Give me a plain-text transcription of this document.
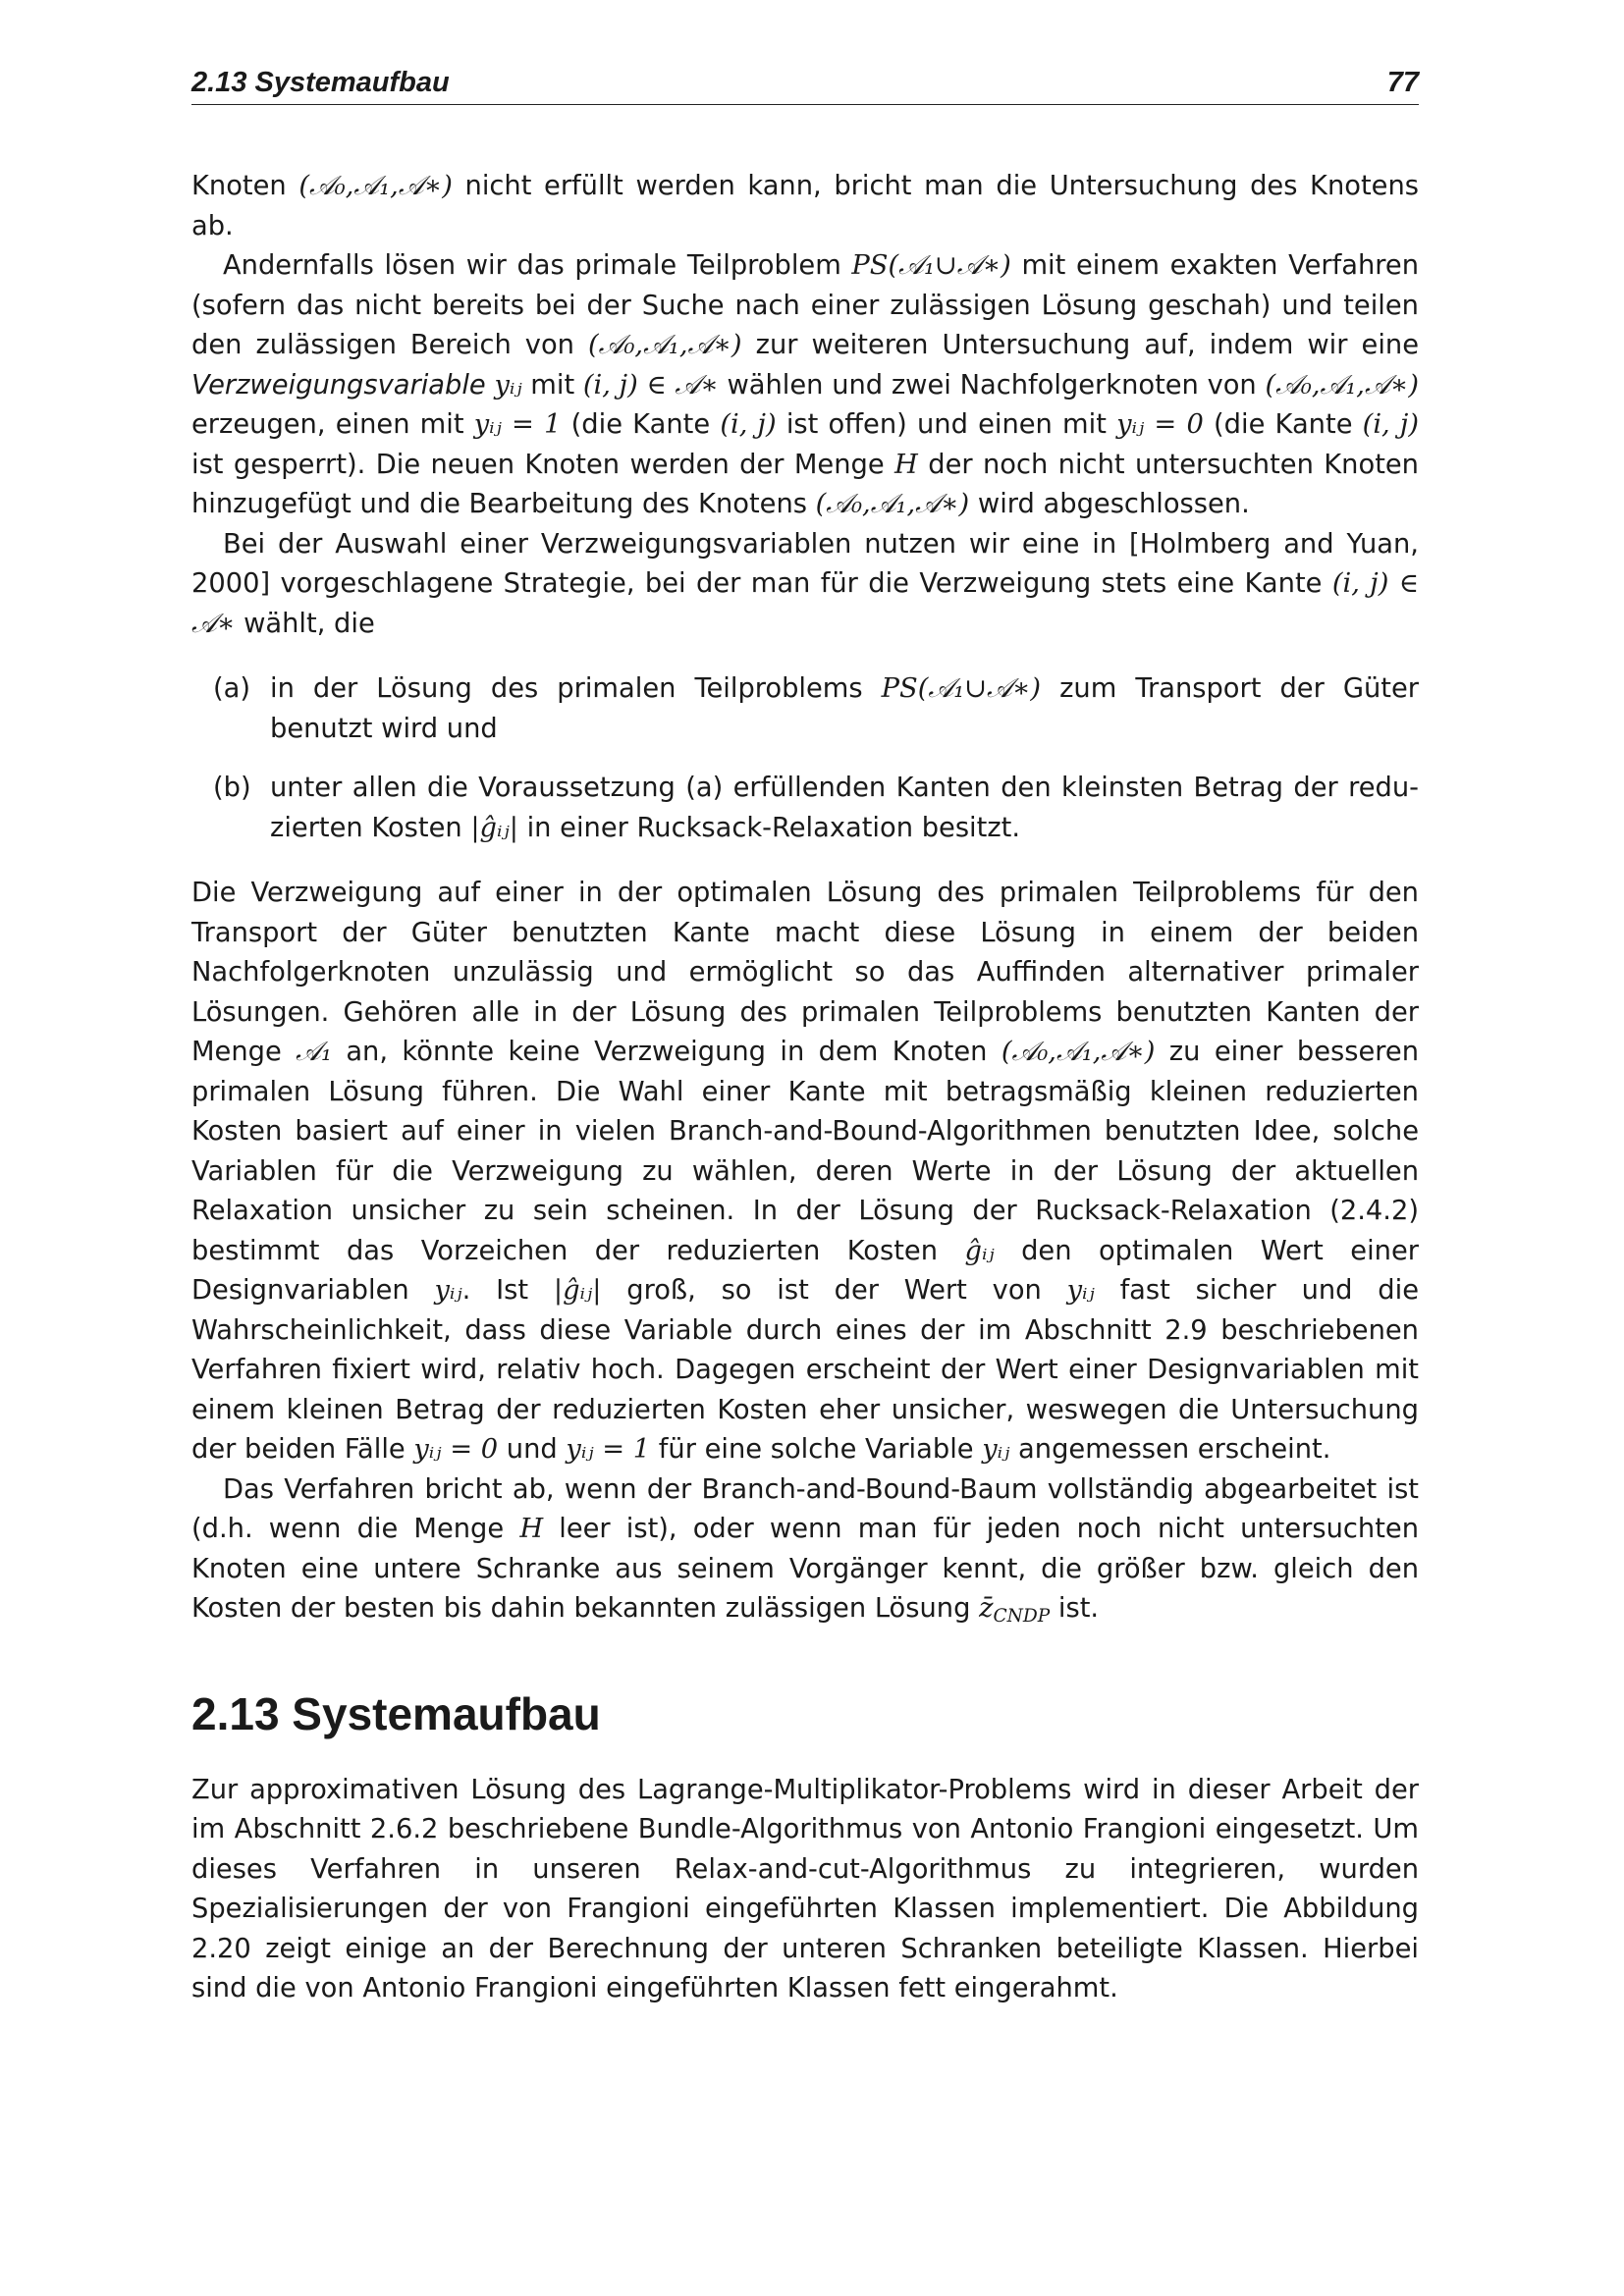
2.13 Systemaufbau	77

Knoten (𝒜₀,𝒜₁,𝒜∗) nicht erfüllt werden kann, bricht man die Untersuchung des Knotens ab.

Andernfalls lösen wir das primale Teilproblem PS(𝒜₁∪𝒜∗) mit einem exakten Verfahren (sofern das nicht bereits bei der Suche nach einer zulässigen Lösung geschah) und teilen den zulässigen Bereich von (𝒜₀,𝒜₁,𝒜∗) zur weiteren Untersuchung auf, indem wir eine Verzweigungsvariable yᵢⱼ mit (i, j) ∈ 𝒜∗ wählen und zwei Nachfolgerknoten von (𝒜₀,𝒜₁,𝒜∗) erzeugen, einen mit yᵢⱼ = 1 (die Kante (i, j) ist offen) und einen mit yᵢⱼ = 0 (die Kante (i, j) ist gesperrt). Die neuen Knoten werden der Menge H der noch nicht untersuchten Knoten hinzugefügt und die Bearbeitung des Knotens (𝒜₀,𝒜₁,𝒜∗) wird abgeschlossen.

Bei der Auswahl einer Verzweigungsvariablen nutzen wir eine in [Holmberg and Yuan, 2000] vorgeschlagene Strategie, bei der man für die Verzweigung stets eine Kante (i, j) ∈ 𝒜∗ wählt, die

(a) in der Lösung des primalen Teilproblems PS(𝒜₁∪𝒜∗) zum Transport der Güter benutzt wird und
(b) unter allen die Voraussetzung (a) erfüllenden Kanten den kleinsten Betrag der reduzierten Kosten |ĝᵢⱼ| in einer Rucksack-Relaxation besitzt.

Die Verzweigung auf einer in der optimalen Lösung des primalen Teilproblems für den Transport der Güter benutzten Kante macht diese Lösung in einem der beiden Nachfolgerknoten unzulässig und ermöglicht so das Auffinden alternativer primaler Lösungen. Gehören alle in der Lösung des primalen Teilproblems benutzten Kanten der Menge 𝒜₁ an, könnte keine Verzweigung in dem Knoten (𝒜₀,𝒜₁,𝒜∗) zu einer besseren primalen Lösung führen. Die Wahl einer Kante mit betragsmäßig kleinen reduzierten Kosten basiert auf einer in vielen Branch-and-Bound-Algorithmen benutzten Idee, solche Variablen für die Verzweigung zu wählen, deren Werte in der Lösung der aktuellen Relaxation unsicher zu sein scheinen. In der Lösung der Rucksack-Relaxation (2.4.2) bestimmt das Vorzeichen der reduzierten Kosten ĝᵢⱼ den optimalen Wert einer Designvariablen yᵢⱼ. Ist |ĝᵢⱼ| groß, so ist der Wert von yᵢⱼ fast sicher und die Wahrscheinlichkeit, dass diese Variable durch eines der im Abschnitt 2.9 beschriebenen Verfahren fixiert wird, relativ hoch. Dagegen erscheint der Wert einer Designvariablen mit einem kleinen Betrag der reduzierten Kosten eher unsicher, weswegen die Untersuchung der beiden Fälle yᵢⱼ = 0 und yᵢⱼ = 1 für eine solche Variable yᵢⱼ angemessen erscheint.

Das Verfahren bricht ab, wenn der Branch-and-Bound-Baum vollständig abgearbeitet ist (d.h. wenn die Menge H leer ist), oder wenn man für jeden noch nicht untersuchten Knoten eine untere Schranke aus seinem Vorgänger kennt, die größer bzw. gleich den Kosten der besten bis dahin bekannten zulässigen Lösung $z̄_{CNDP}$ ist.

2.13 Systemaufbau

Zur approximativen Lösung des Lagrange-Multiplikator-Problems wird in dieser Arbeit der im Abschnitt 2.6.2 beschriebene Bundle-Algorithmus von Antonio Frangioni eingesetzt. Um dieses Verfahren in unseren Relax-and-cut-Algorithmus zu integrieren, wurden Spezialisierungen der von Frangioni eingeführten Klassen implementiert. Die Abbildung 2.20 zeigt einige an der Berechnung der unteren Schranken beteiligte Klassen. Hierbei sind die von Antonio Frangioni eingeführten Klassen fett eingerahmt.
